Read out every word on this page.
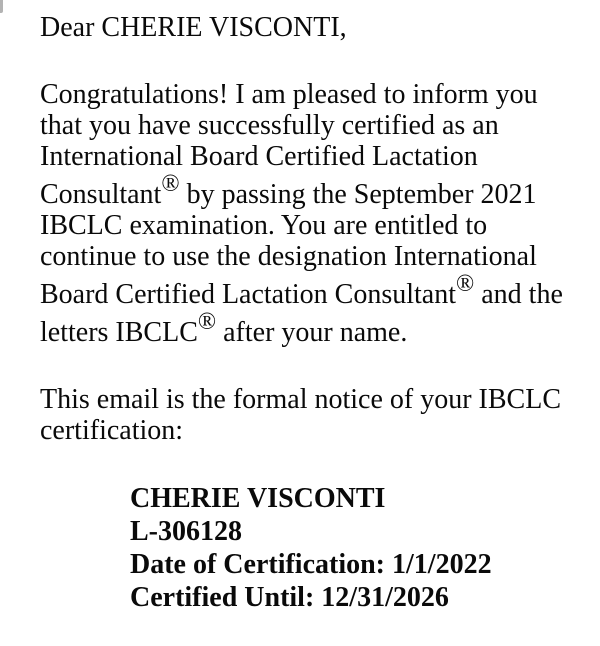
Dear CHERIE VISCONTI,

Congratulations! I am pleased to inform you
that you have successfully certified as an
International Board Certified Lactation
Consultant® by passing the September 2021
IBCLC examination. You are entitled to
continue to use the designation International
Board Certified Lactation Consultant® and the
letters IBCLC® after your name.

This email is the formal notice of your IBCLC
certification:

CHERIE VISCONTI
L-306128
Date of Certification: 1/1/2022
Certified Until: 12/31/2026
